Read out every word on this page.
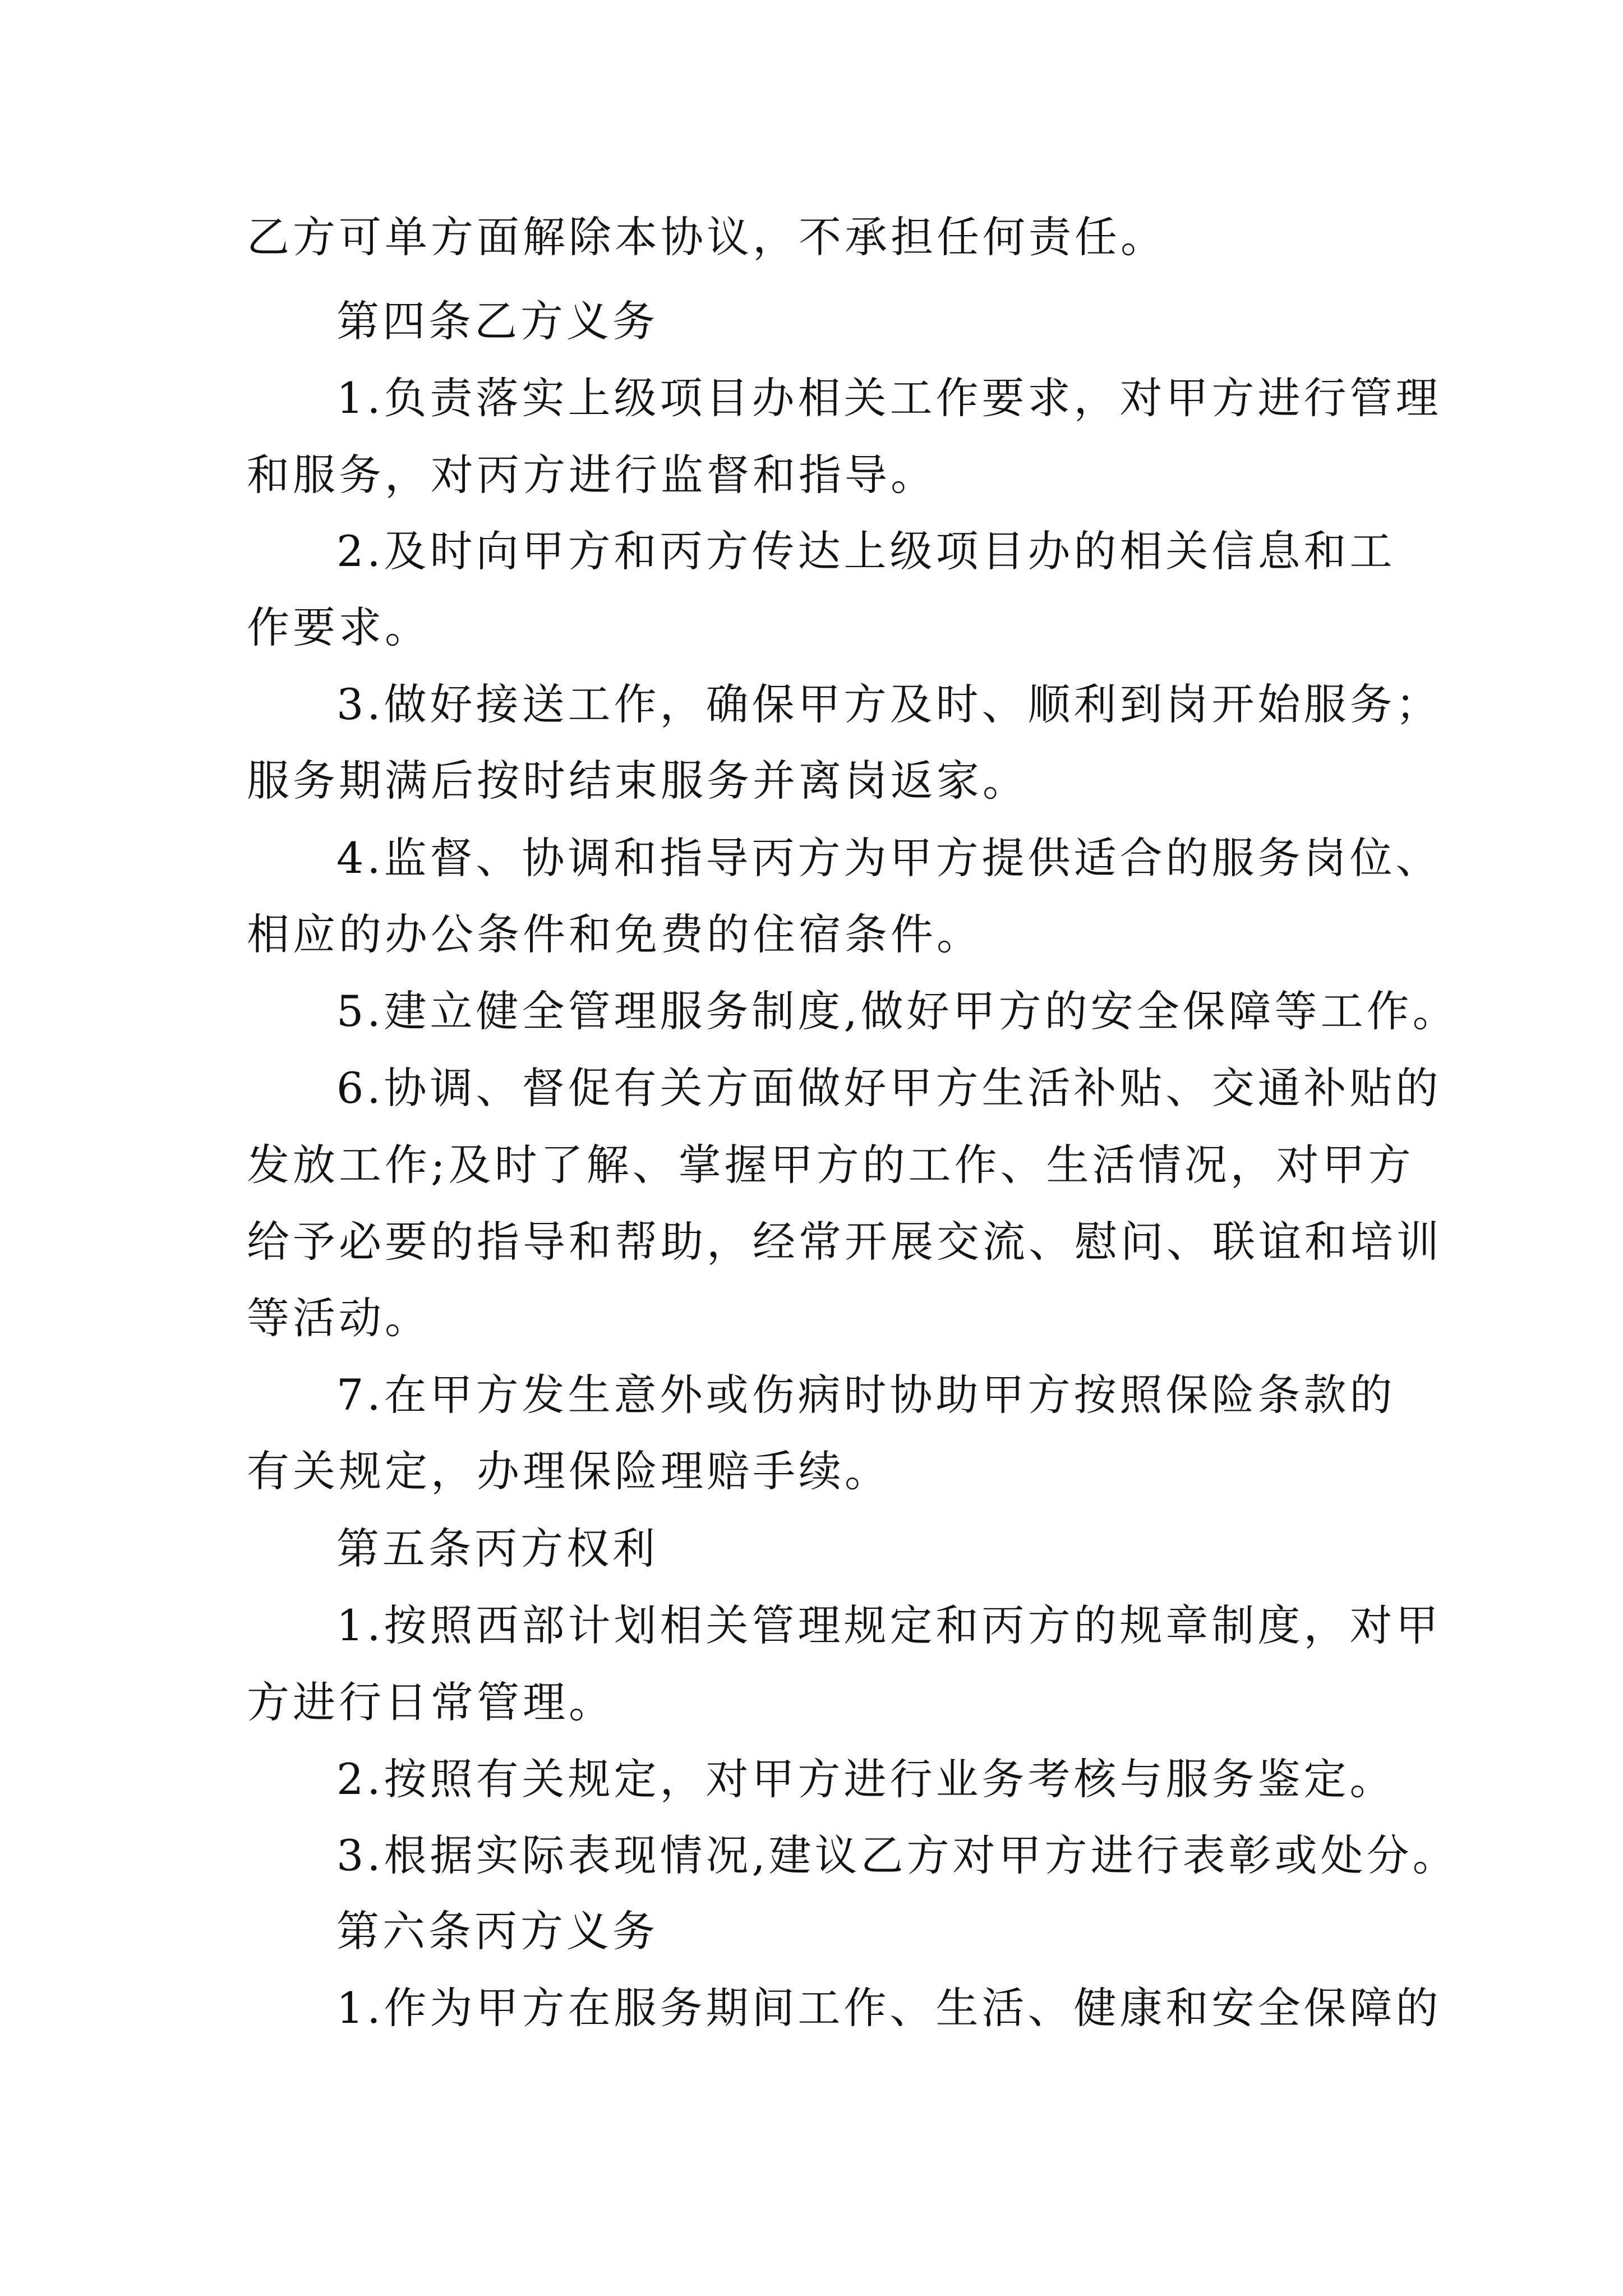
乙方可单方面解除本协议，不承担任何责任。
第四条乙方义务
1.负责落实上级项目办相关工作要求，对甲方进行管理
和服务，对丙方进行监督和指导。
2.及时向甲方和丙方传达上级项目办的相关信息和工
作要求。
3.做好接送工作，确保甲方及时、顺利到岗开始服务；
服务期满后按时结束服务并离岗返家。
4.监督、协调和指导丙方为甲方提供适合的服务岗位、
相应的办公条件和免费的住宿条件。
5.建立健全管理服务制度,做好甲方的安全保障等工作。
6.协调、督促有关方面做好甲方生活补贴、交通补贴的
发放工作;及时了解、掌握甲方的工作、生活情况，对甲方
给予必要的指导和帮助，经常开展交流、慰问、联谊和培训
等活动。
7.在甲方发生意外或伤病时协助甲方按照保险条款的
有关规定，办理保险理赔手续。
第五条丙方权利
1.按照西部计划相关管理规定和丙方的规章制度，对甲
方进行日常管理。
2.按照有关规定，对甲方进行业务考核与服务鉴定。
3.根据实际表现情况,建议乙方对甲方进行表彰或处分。
第六条丙方义务
1.作为甲方在服务期间工作、生活、健康和安全保障的
